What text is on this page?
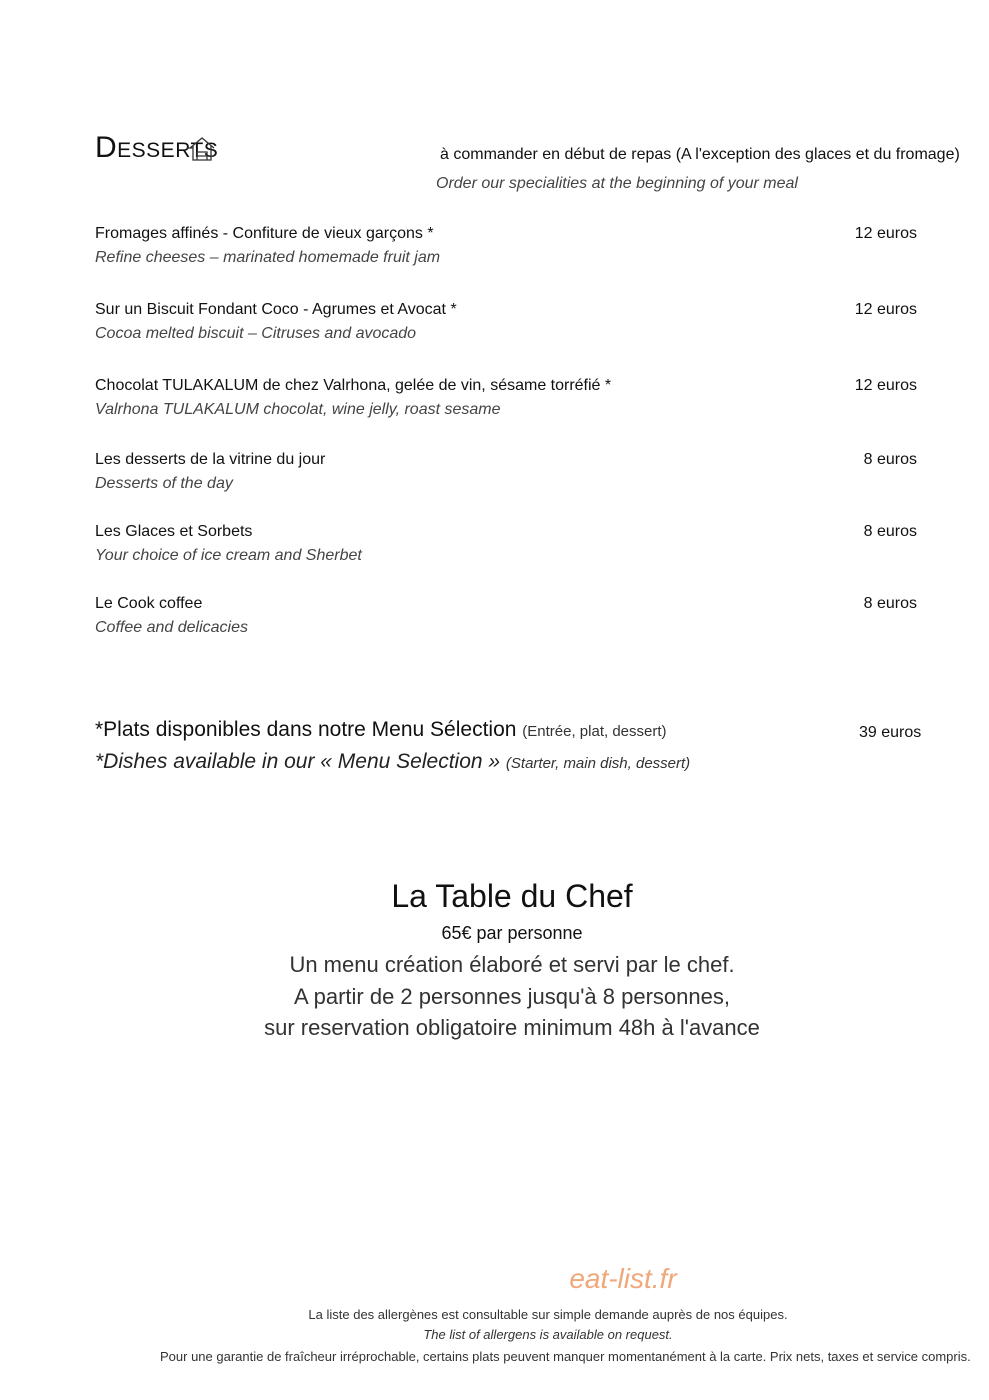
Desserts	à commander en début de repas (A l'exception des glaces et du fromage)
Order our specialities at the beginning of your meal
Fromages affinés - Confiture de vieux garçons *
Refine cheeses – marinated homemade fruit jam
12 euros
Sur un Biscuit Fondant Coco - Agrumes et Avocat *
Cocoa melted biscuit – Citruses and avocado
12 euros
Chocolat TULAKALUM de chez Valrhona, gelée de vin, sésame torréfié *
Valrhona TULAKALUM chocolat, wine jelly, roast sesame
12 euros
Les desserts de la vitrine du jour
Desserts of the day
8 euros
Les Glaces et Sorbets
Your choice of ice cream and Sherbet
8 euros
Le Cook coffee
Coffee and delicacies
8 euros
*Plats disponibles dans notre Menu Sélection (Entrée, plat, dessert)	39 euros
*Dishes available in our « Menu Selection » (Starter, main dish, dessert)
La Table du Chef
65€ par personne
Un menu création élaboré et servi par le chef.
A partir de 2 personnes jusqu'à 8 personnes,
sur reservation obligatoire minimum 48h à l'avance
eat-list.fr
La liste des allergènes est consultable sur simple demande auprès de nos équipes.
The list of allergens is available on request.
Pour une garantie de fraîcheur irréprochable, certains plats peuvent manquer momentanément à la carte. Prix nets, taxes et service compris.
